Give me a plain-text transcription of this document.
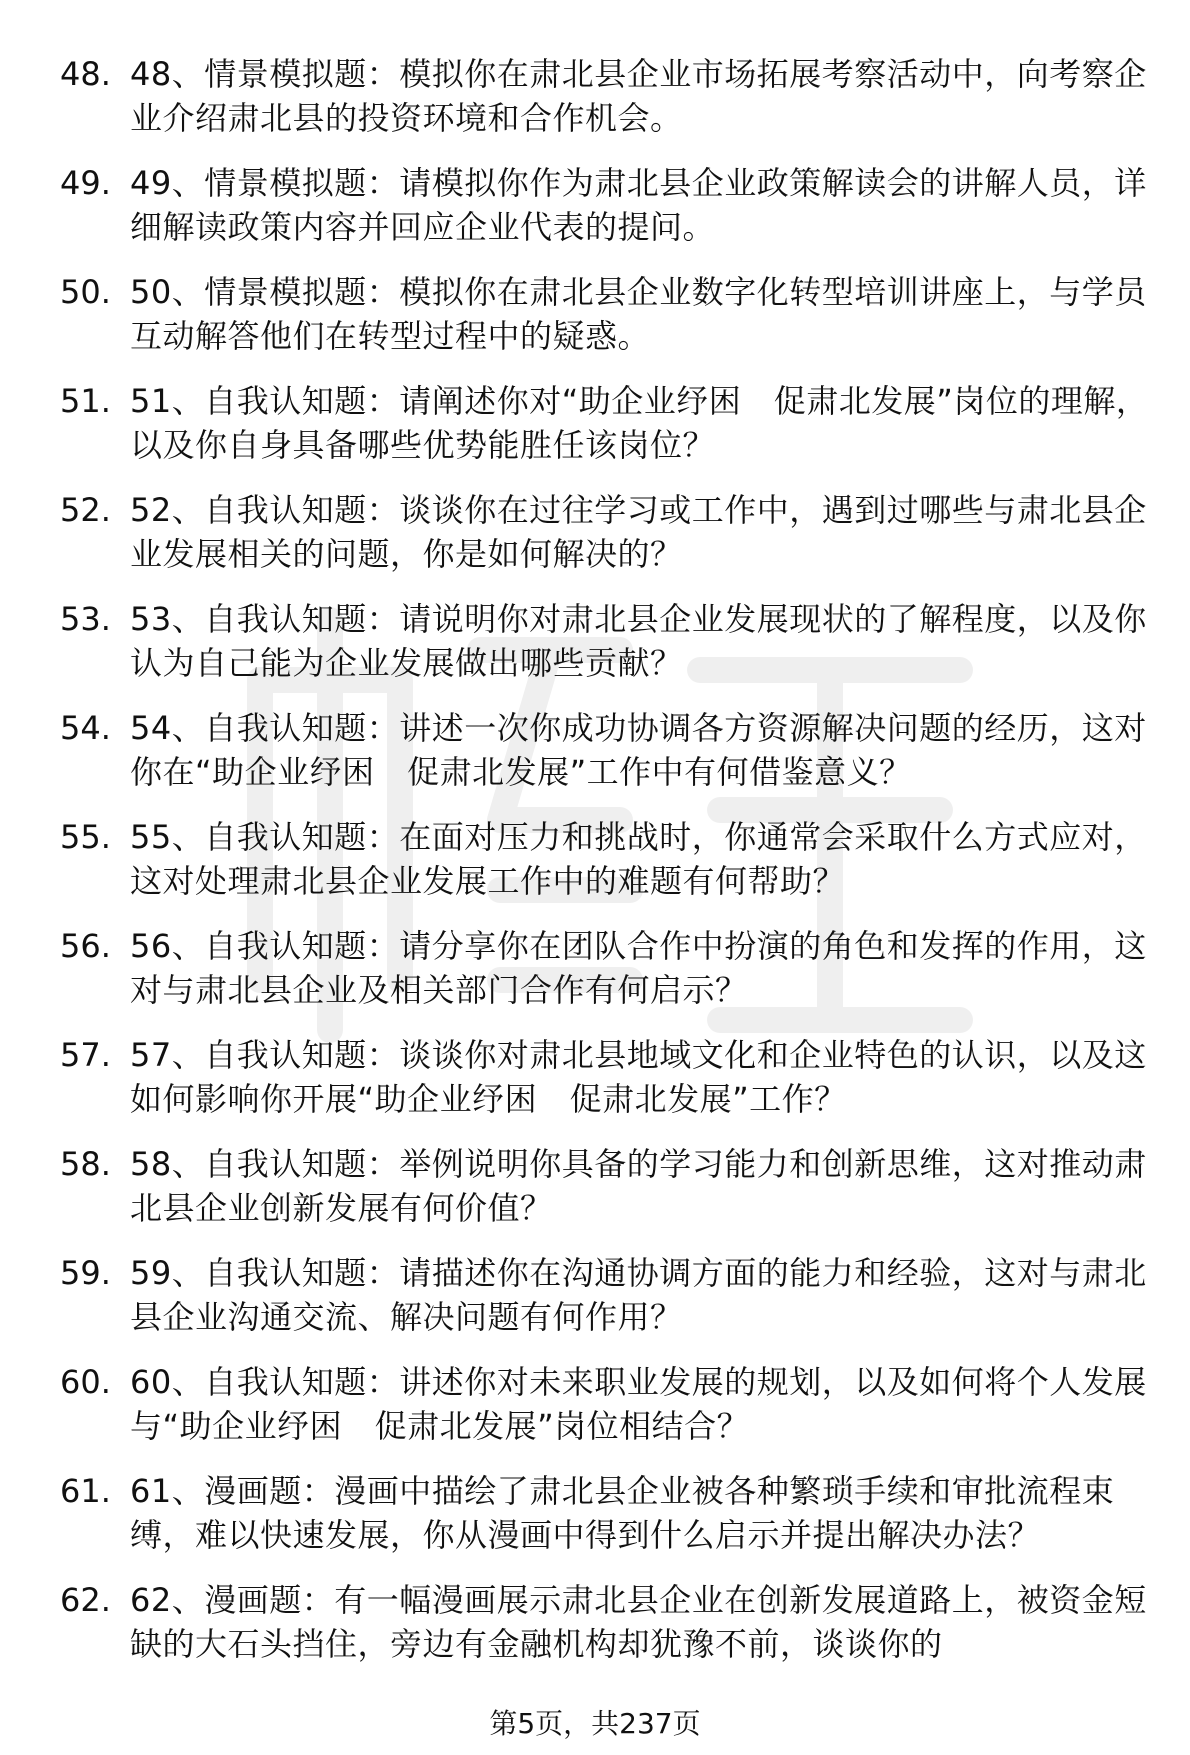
48. 48、情景模拟题：模拟你在肃北县企业市场拓展考察活动中，向考察企业介绍肃北县的投资环境和合作机会。
49. 49、情景模拟题：请模拟你作为肃北县企业政策解读会的讲解人员，详细解读政策内容并回应企业代表的提问。
50. 50、情景模拟题：模拟你在肃北县企业数字化转型培训讲座上，与学员互动解答他们在转型过程中的疑惑。
51. 51、自我认知题：请阐述你对“助企业纾困　促肃北发展”岗位的理解，以及你自身具备哪些优势能胜任该岗位？
52. 52、自我认知题：谈谈你在过往学习或工作中，遇到过哪些与肃北县企业发展相关的问题，你是如何解决的？
53. 53、自我认知题：请说明你对肃北县企业发展现状的了解程度，以及你认为自己能为企业发展做出哪些贡献？
54. 54、自我认知题：讲述一次你成功协调各方资源解决问题的经历，这对你在“助企业纾困　促肃北发展”工作中有何借鉴意义？
55. 55、自我认知题：在面对压力和挑战时，你通常会采取什么方式应对，这对处理肃北县企业发展工作中的难题有何帮助？
56. 56、自我认知题：请分享你在团队合作中扮演的角色和发挥的作用，这对与肃北县企业及相关部门合作有何启示？
57. 57、自我认知题：谈谈你对肃北县地域文化和企业特色的认识，以及这如何影响你开展“助企业纾困　促肃北发展”工作？
58. 58、自我认知题：举例说明你具备的学习能力和创新思维，这对推动肃北县企业创新发展有何价值？
59. 59、自我认知题：请描述你在沟通协调方面的能力和经验，这对与肃北县企业沟通交流、解决问题有何作用？
60. 60、自我认知题：讲述你对未来职业发展的规划，以及如何将个人发展与“助企业纾困　促肃北发展”岗位相结合？
61. 61、漫画题：漫画中描绘了肃北县企业被各种繁琐手续和审批流程束缚，难以快速发展，你从漫画中得到什么启示并提出解决办法？
62. 62、漫画题：有一幅漫画展示肃北县企业在创新发展道路上，被资金短缺的大石头挡住，旁边有金融机构却犹豫不前，谈谈你的
第5页，共237页
